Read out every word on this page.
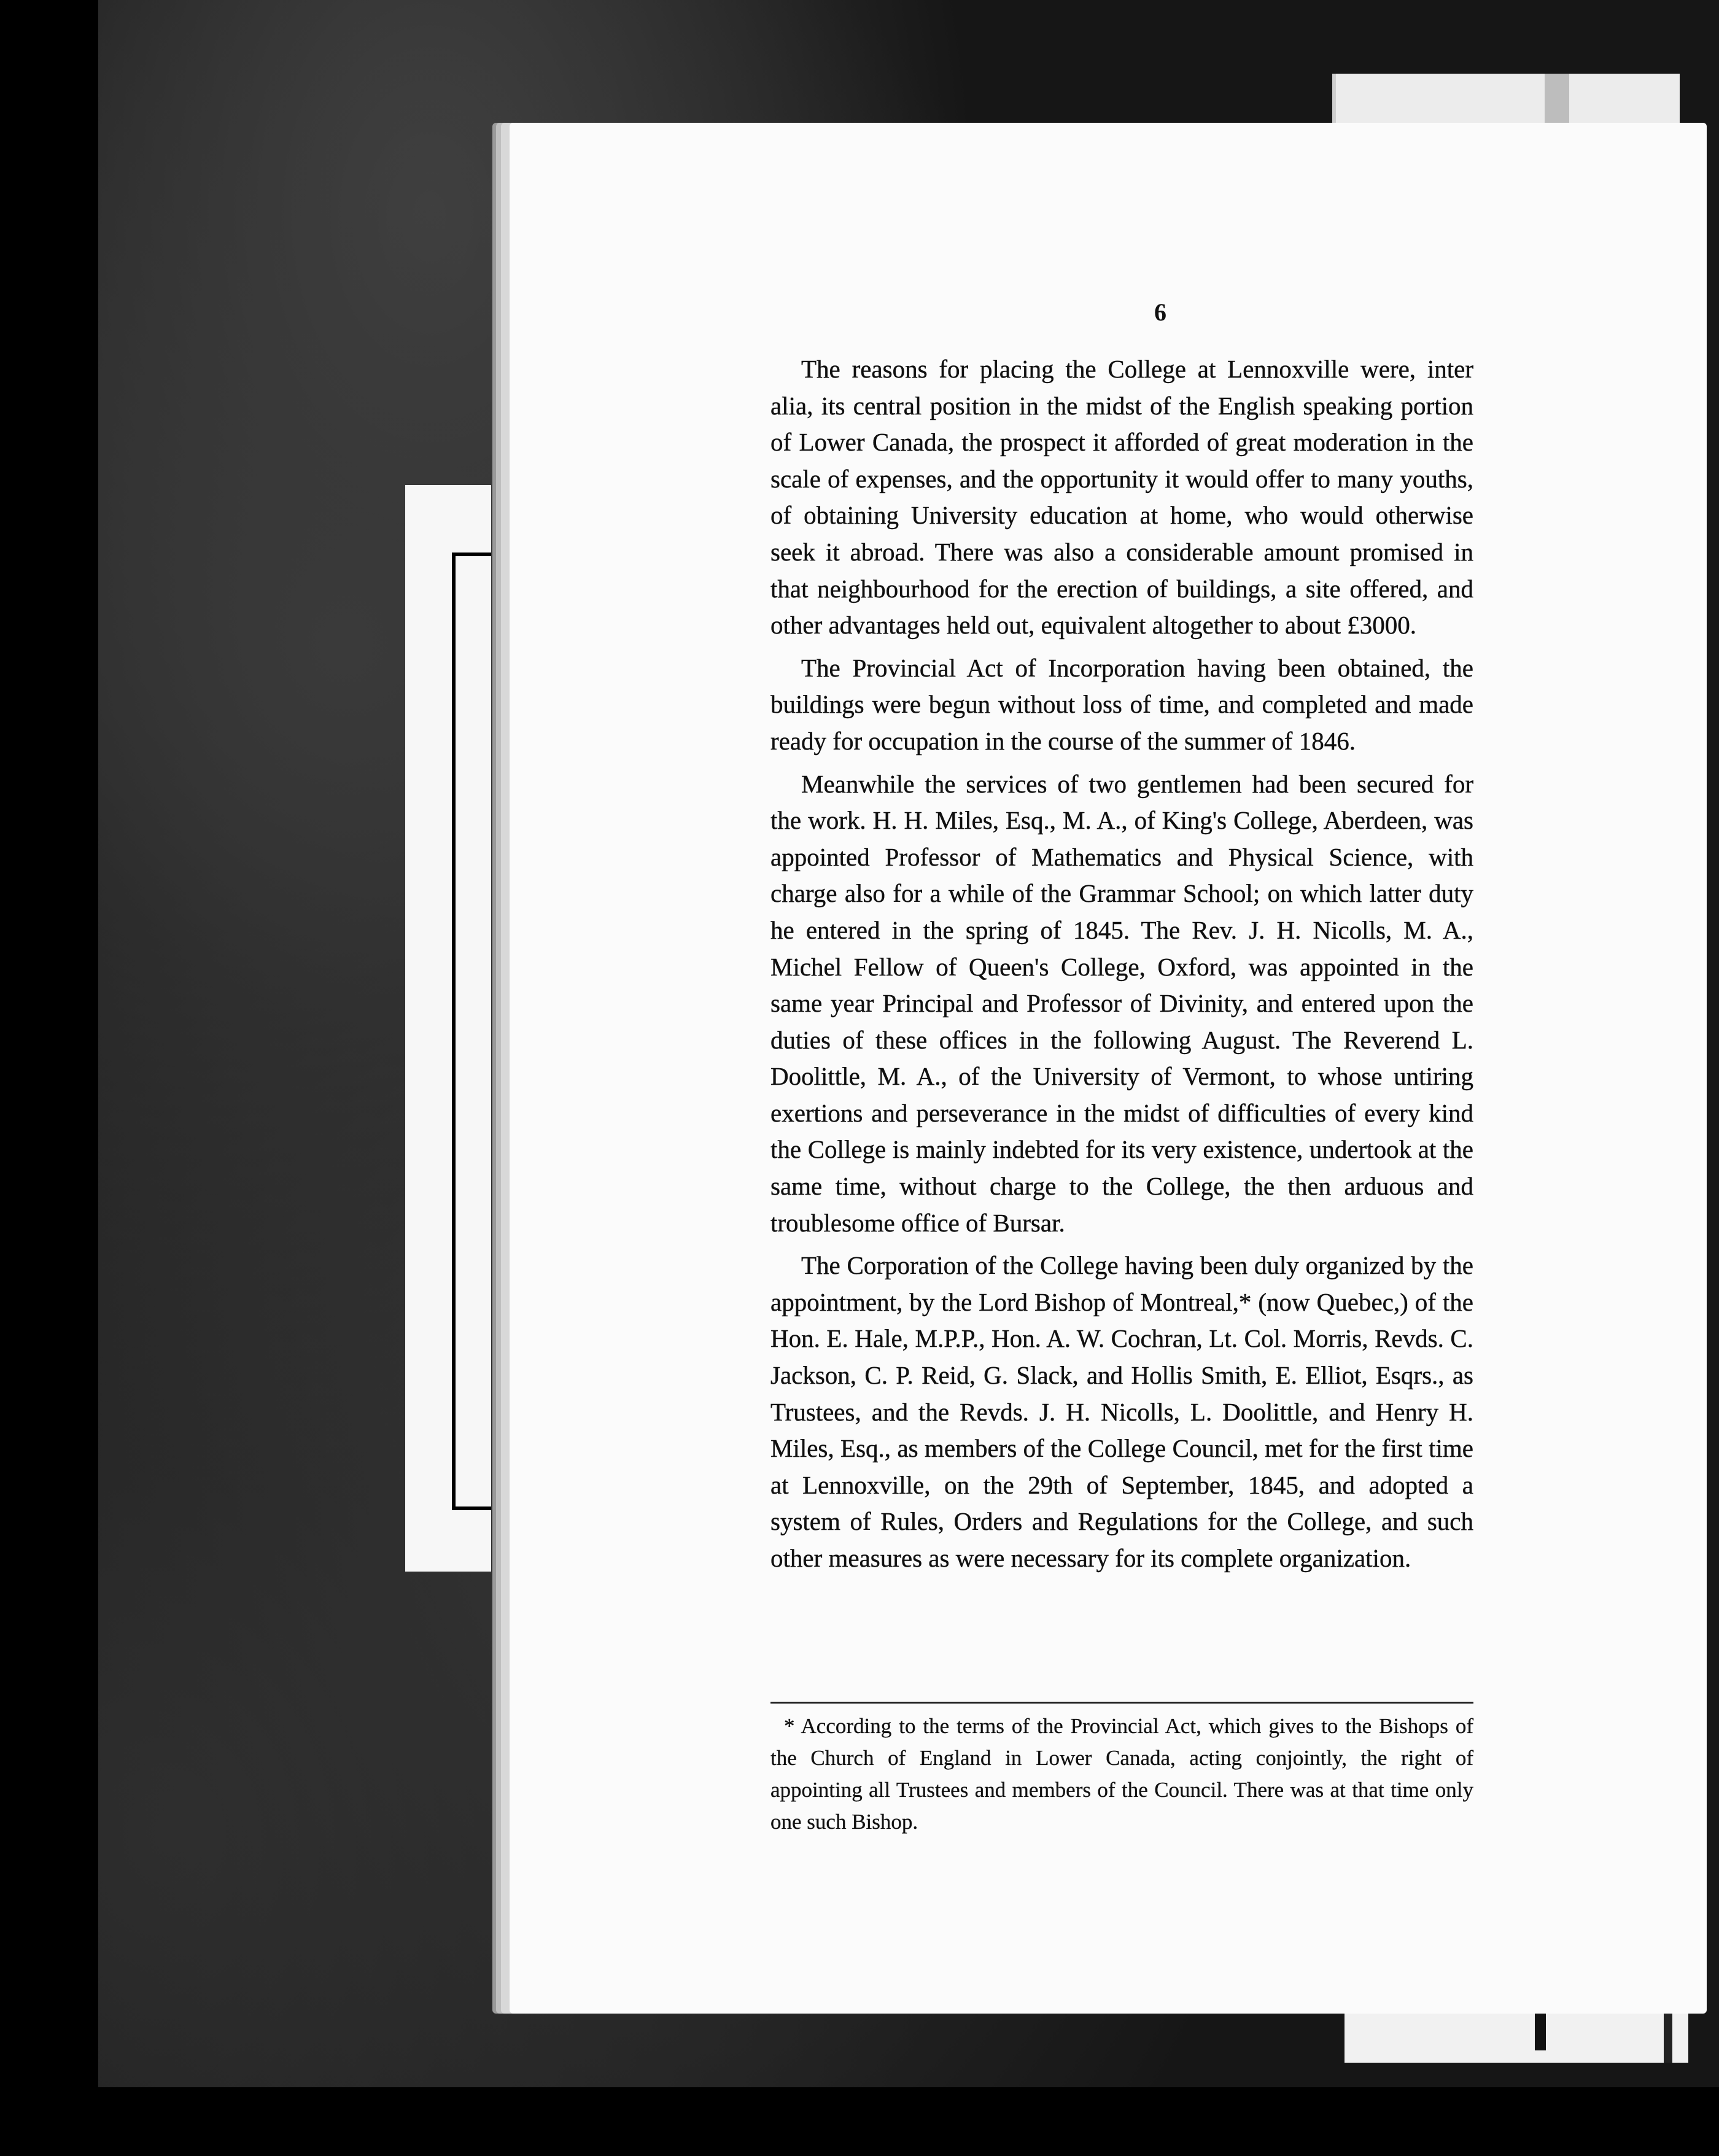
6

The reasons for placing the College at Lennoxville were, inter alia, its central position in the midst of the English speaking portion of Lower Canada, the prospect it afforded of great moderation in the scale of expenses, and the opportunity it would offer to many youths, of obtaining University education at home, who would otherwise seek it abroad. There was also a considerable amount promised in that neighbourhood for the erection of buildings, a site offered, and other advantages held out, equivalent altogether to about £3000.

The Provincial Act of Incorporation having been obtained, the buildings were begun without loss of time, and completed and made ready for occupation in the course of the summer of 1846.

Meanwhile the services of two gentlemen had been secured for the work. H. H. Miles, Esq., M. A., of King's College, Aberdeen, was appointed Professor of Mathematics and Physical Science, with charge also for a while of the Grammar School; on which latter duty he entered in the spring of 1845. The Rev. J. H. Nicolls, M. A., Michel Fellow of Queen's College, Oxford, was appointed in the same year Principal and Professor of Divinity, and entered upon the duties of these offices in the following August. The Reverend L. Doolittle, M. A., of the University of Vermont, to whose untiring exertions and perseverance in the midst of difficulties of every kind the College is mainly indebted for its very existence, undertook at the same time, without charge to the College, the then arduous and troublesome office of Bursar.

The Corporation of the College having been duly organized by the appointment, by the Lord Bishop of Montreal,* (now Quebec,) of the Hon. E. Hale, M.P.P., Hon. A. W. Cochran, Lt. Col. Morris, Revds. C. Jackson, C. P. Reid, G. Slack, and Hollis Smith, E. Elliot, Esqrs., as Trustees, and the Revds. J. H. Nicolls, L. Doolittle, and Henry H. Miles, Esq., as members of the College Council, met for the first time at Lennoxville, on the 29th of September, 1845, and adopted a system of Rules, Orders and Regulations for the College, and such other measures as were necessary for its complete organization.

* According to the terms of the Provincial Act, which gives to the Bishops of the Church of England in Lower Canada, acting conjointly, the right of appointing all Trustees and members of the Council. There was at that time only one such Bishop.
